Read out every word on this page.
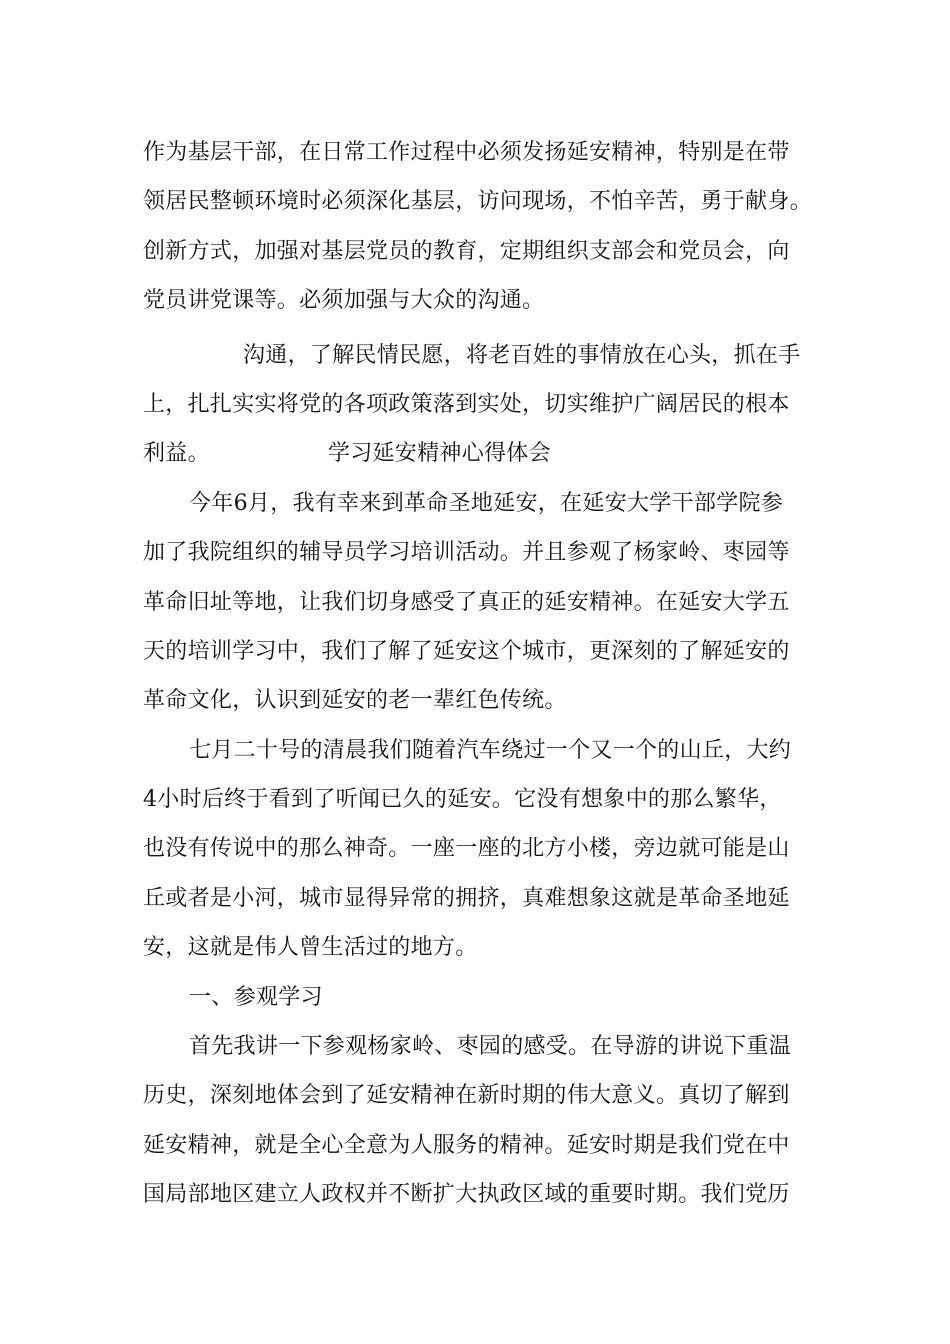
作为基层干部，在日常工作过程中必须发扬延安精神，特别是在带
领居民整顿环境时必须深化基层，访问现场，不怕辛苦，勇于献身。
创新方式，加强对基层党员的教育，定期组织支部会和党员会，向
党员讲党课等。必须加强与大众的沟通。
沟通，了解民情民愿，将老百姓的事情放在心头，抓在手
上，扎扎实实将党的各项政策落到实处，切实维护广阔居民的根本
利益。	学习延安精神心得体会
今年6月，我有幸来到革命圣地延安，在延安大学干部学院参
加了我院组织的辅导员学习培训活动。并且参观了杨家岭、枣园等
革命旧址等地，让我们切身感受了真正的延安精神。在延安大学五
天的培训学习中，我们了解了延安这个城市，更深刻的了解延安的
革命文化，认识到延安的老一辈红色传统。
七月二十号的清晨我们随着汽车绕过一个又一个的山丘，大约
4小时后终于看到了听闻已久的延安。它没有想象中的那么繁华，
也没有传说中的那么神奇。一座一座的北方小楼，旁边就可能是山
丘或者是小河，城市显得异常的拥挤，真难想象这就是革命圣地延
安，这就是伟人曾生活过的地方。
一、参观学习
首先我讲一下参观杨家岭、枣园的感受。在导游的讲说下重温
历史，深刻地体会到了延安精神在新时期的伟大意义。真切了解到
延安精神，就是全心全意为人服务的精神。延安时期是我们党在中
国局部地区建立人政权并不断扩大执政区域的重要时期。我们党历
